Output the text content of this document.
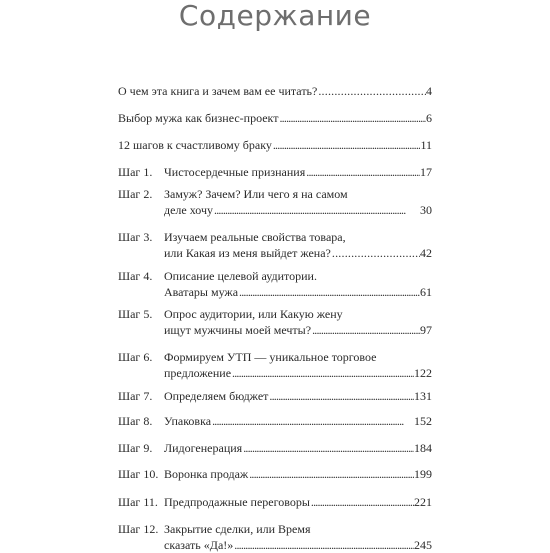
Содержание
О чем эта книга и зачем вам ее читать? . . .	4
Выбор мужа как бизнес-проект . . .	6
12 шагов к счастливому браку . . .	11
Шаг 1. Чистосердечные признания . . .	17
Шаг 2. Замуж? Зачем? Или чего я на самом
деле хочу . . .	30
Шаг 3. Изучаем реальные свойства товара,
или Какая из меня выйдет жена? . . .	42
Шаг 4. Описание целевой аудитории.
Аватары мужа . . .	61
Шаг 5. Опрос аудитории, или Какую жену
ищут мужчины моей мечты? . . .	97
Шаг 6. Формируем УТП — уникальное торговое
предложение . . .	122
Шаг 7. Определяем бюджет . . .	131
Шаг 8. Упаковка . . .	152
Шаг 9. Лидогенерация . . .	184
Шаг 10. Воронка продаж . . .	199
Шаг 11. Предпродажные переговоры . . .	221
Шаг 12. Закрытие сделки, или Время
сказать «Да!» . . .	245
